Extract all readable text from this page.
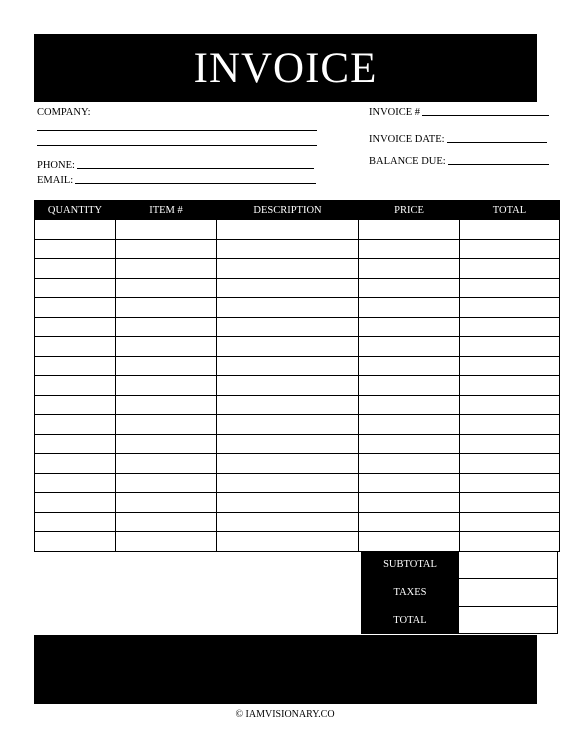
INVOICE
COMPANY:
PHONE:
EMAIL:
INVOICE #
INVOICE DATE:
BALANCE DUE:
QUANTITY	ITEM #	DESCRIPTION	PRICE	TOTAL

SUBTOTAL
TAXES
TOTAL
© IAMVISIONARY.CO
